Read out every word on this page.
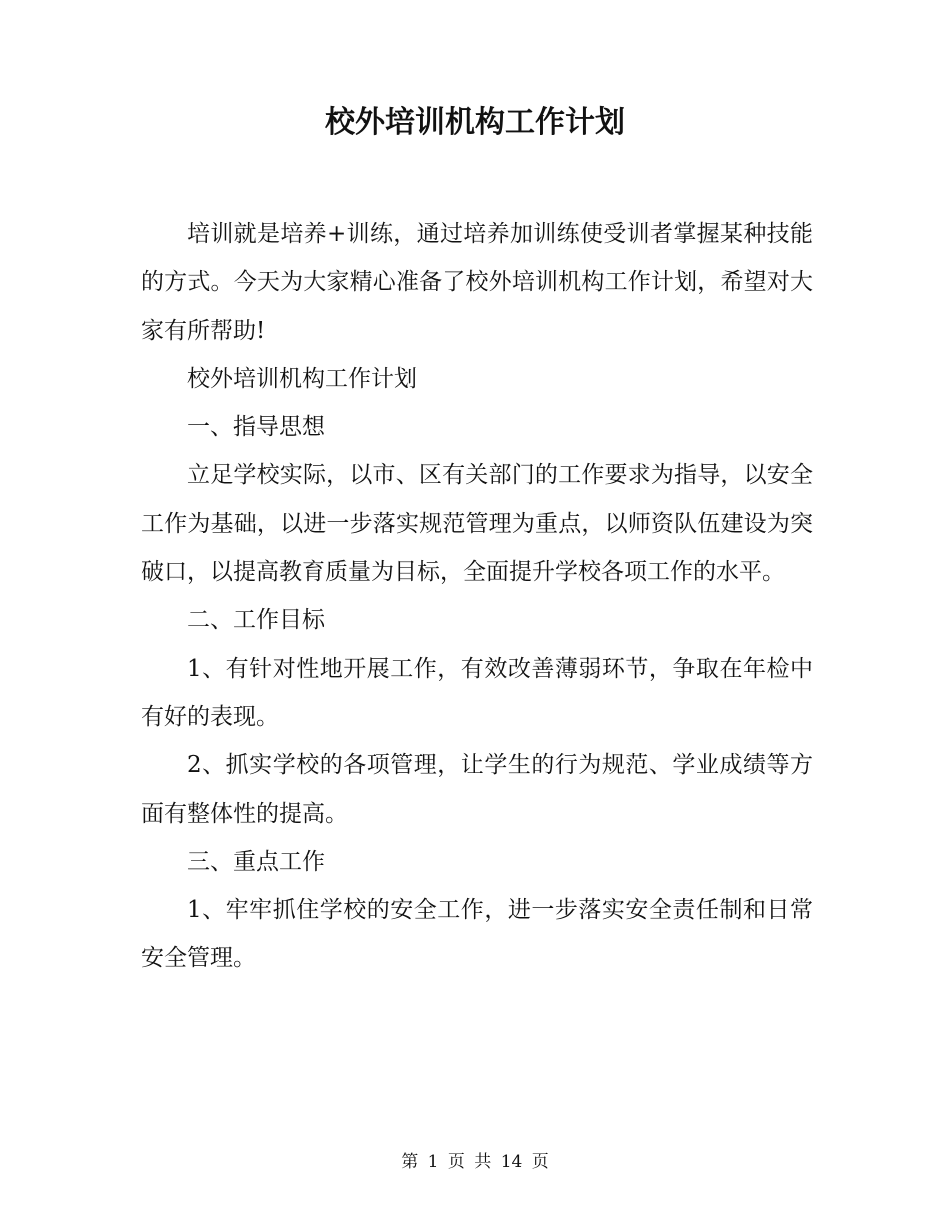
校外培训机构工作计划

培训就是培养+训练，通过培养加训练使受训者掌握某种技能的方式。今天为大家精心准备了校外培训机构工作计划，希望对大家有所帮助!

校外培训机构工作计划

一、指导思想

立足学校实际，以市、区有关部门的工作要求为指导，以安全工作为基础，以进一步落实规范管理为重点，以师资队伍建设为突破口，以提高教育质量为目标，全面提升学校各项工作的水平。

二、工作目标

1、有针对性地开展工作，有效改善薄弱环节，争取在年检中有好的表现。

2、抓实学校的各项管理，让学生的行为规范、学业成绩等方面有整体性的提高。

三、重点工作

1、牢牢抓住学校的安全工作，进一步落实安全责任制和日常安全管理。

第 1 页 共 14 页
